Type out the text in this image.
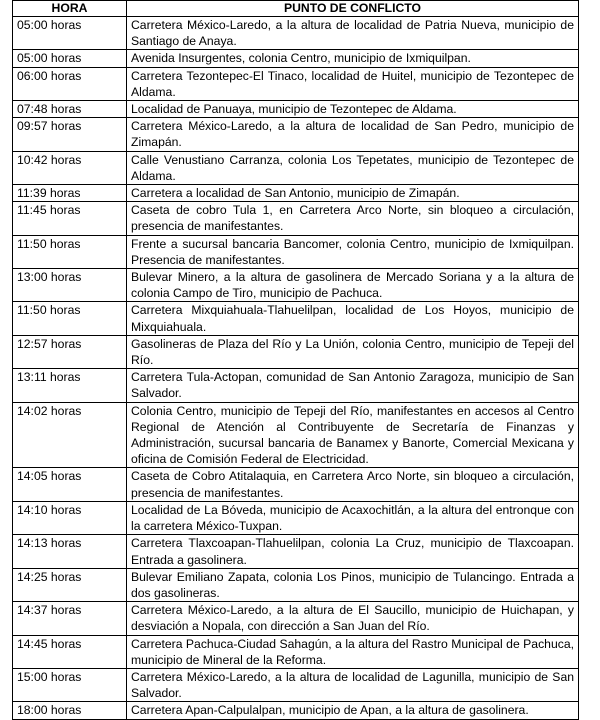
HORA	PUNTO DE CONFLICTO
05:00 horas	Carretera México-Laredo, a la altura de localidad de Patria Nueva, municipio de Santiago de Anaya.
05:00 horas	Avenida Insurgentes, colonia Centro, municipio de Ixmiquilpan.
06:00 horas	Carretera Tezontepec-El Tinaco, localidad de Huitel, municipio de Tezontepec de Aldama.
07:48 horas	Localidad de Panuaya, municipio de Tezontepec de Aldama.
09:57 horas	Carretera México-Laredo, a la altura de localidad de San Pedro, municipio de Zimapán.
10:42 horas	Calle Venustiano Carranza, colonia Los Tepetates, municipio de Tezontepec de Aldama.
11:39 horas	Carretera a localidad de San Antonio, municipio de Zimapán.
11:45 horas	Caseta de cobro Tula 1, en Carretera Arco Norte, sin bloqueo a circulación, presencia de manifestantes.
11:50 horas	Frente a sucursal bancaria Bancomer, colonia Centro, municipio de Ixmiquilpan. Presencia de manifestantes.
13:00 horas	Bulevar Minero, a la altura de gasolinera de Mercado Soriana y a la altura de colonia Campo de Tiro, municipio de Pachuca.
11:50 horas	Carretera Mixquiahuala-Tlahuelilpan, localidad de Los Hoyos, municipio de Mixquiahuala.
12:57 horas	Gasolineras de Plaza del Río y La Unión, colonia Centro, municipio de Tepeji del Río.
13:11 horas	Carretera Tula-Actopan, comunidad de San Antonio Zaragoza, municipio de San Salvador.
14:02 horas	Colonia Centro, municipio de Tepeji del Río, manifestantes en accesos al Centro Regional de Atención al Contribuyente de Secretaría de Finanzas y Administración, sucursal bancaria de Banamex y Banorte, Comercial Mexicana y oficina de Comisión Federal de Electricidad.
14:05 horas	Caseta de Cobro Atitalaquia, en Carretera Arco Norte, sin bloqueo a circulación, presencia de manifestantes.
14:10 horas	Localidad de La Bóveda, municipio de Acaxochitlán, a la altura del entronque con la carretera México-Tuxpan.
14:13 horas	Carretera Tlaxcoapan-Tlahuelilpan, colonia La Cruz, municipio de Tlaxcoapan. Entrada a gasolinera.
14:25 horas	Bulevar Emiliano Zapata, colonia Los Pinos, municipio de Tulancingo. Entrada a dos gasolineras.
14:37 horas	Carretera México-Laredo, a la altura de El Saucillo, municipio de Huichapan, y desviación a Nopala, con dirección a San Juan del Río.
14:45 horas	Carretera Pachuca-Ciudad Sahagún, a la altura del Rastro Municipal de Pachuca, municipio de Mineral de la Reforma.
15:00 horas	Carretera México-Laredo, a la altura de localidad de Lagunilla, municipio de San Salvador.
18:00 horas	Carretera Apan-Calpulalpan, municipio de Apan, a la altura de gasolinera.
